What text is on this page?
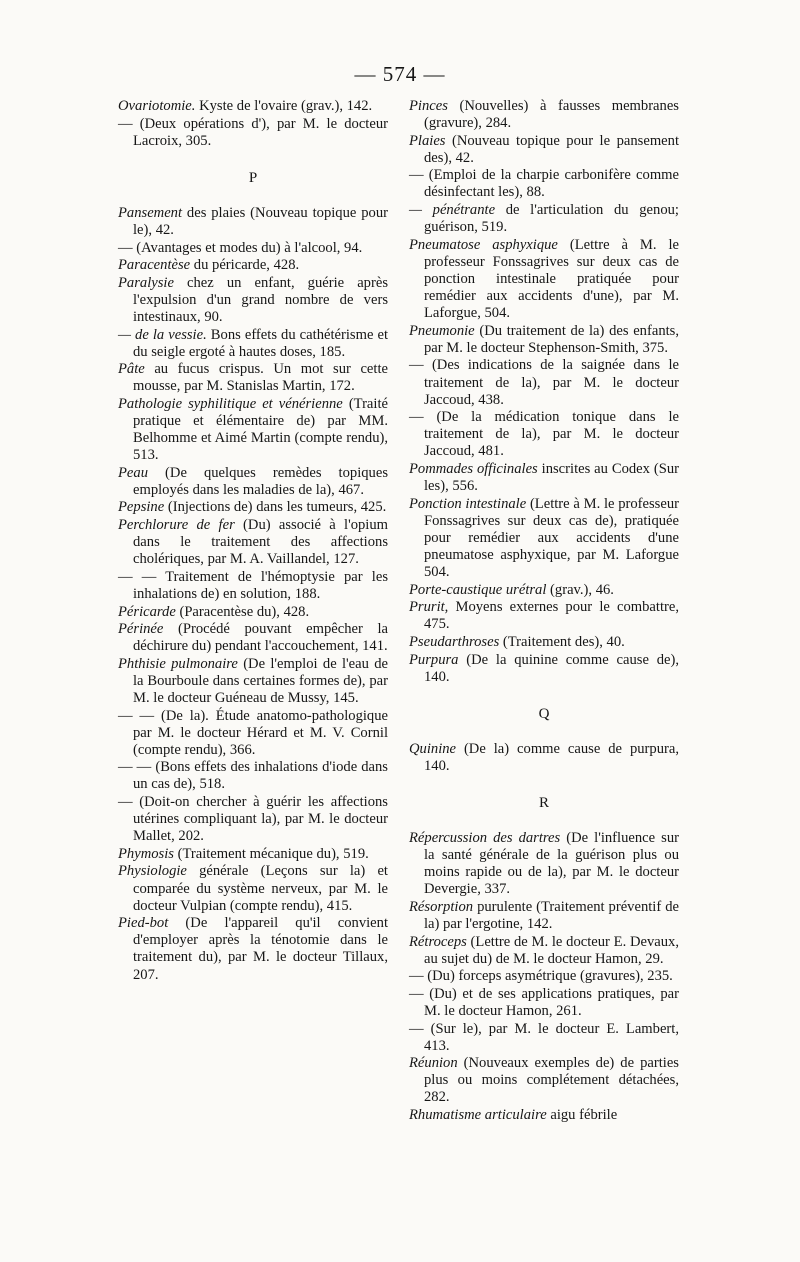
— 574 —

Ovariotomie. Kyste de l'ovaire (grav.), 142.

— (Deux opérations d'), par M. le docteur Lacroix, 305.

P

Pansement des plaies (Nouveau topique pour le), 42.

— (Avantages et modes du) à l'alcool, 94.

Paracentèse du péricarde, 428.

Paralysie chez un enfant, guérie après l'expulsion d'un grand nombre de vers intestinaux, 90.

— de la vessie. Bons effets du cathétérisme et du seigle ergoté à hautes doses, 185.

Pâte au fucus crispus. Un mot sur cette mousse, par M. Stanislas Martin, 172.

Pathologie syphilitique et vénérienne (Traité pratique et élémentaire de) par MM. Belhomme et Aimé Martin (compte rendu), 513.

Peau (De quelques remèdes topiques employés dans les maladies de la), 467.

Pepsine (Injections de) dans les tumeurs, 425.

Perchlorure de fer (Du) associé à l'opium dans le traitement des affections cholériques, par M. A. Vaillandel, 127.

— — Traitement de l'hémoptysie par les inhalations de) en solution, 188.

Péricarde (Paracentèse du), 428.

Périnée (Procédé pouvant empêcher la déchirure du) pendant l'accouchement, 141.

Phthisie pulmonaire (De l'emploi de l'eau de la Bourboule dans certaines formes de), par M. le docteur Guéneau de Mussy, 145.

— — (De la). Étude anatomo-pathologique par M. le docteur Hérard et M. V. Cornil (compte rendu), 366.

— — (Bons effets des inhalations d'iode dans un cas de), 518.

— (Doit-on chercher à guérir les affections utérines compliquant la), par M. le docteur Mallet, 202.

Phymosis (Traitement mécanique du), 519.

Physiologie générale (Leçons sur la) et comparée du système nerveux, par M. le docteur Vulpian (compte rendu), 415.

Pied-bot (De l'appareil qu'il convient d'employer après la ténotomie dans le traitement du), par M. le docteur Tillaux, 207.

Pinces (Nouvelles) à fausses membranes (gravure), 284.

Plaies (Nouveau topique pour le pansement des), 42.

— (Emploi de la charpie carbonifère comme désinfectant les), 88.

— pénétrante de l'articulation du genou; guérison, 519.

Pneumatose asphyxique (Lettre à M. le professeur Fonssagrives sur deux cas de ponction intestinale pratiquée pour remédier aux accidents d'une), par M. Laforgue, 504.

Pneumonie (Du traitement de la) des enfants, par M. le docteur Stephenson-Smith, 375.

— (Des indications de la saignée dans le traitement de la), par M. le docteur Jaccoud, 438.

— (De la médication tonique dans le traitement de la), par M. le docteur Jaccoud, 481.

Pommades officinales inscrites au Codex (Sur les), 556.

Ponction intestinale (Lettre à M. le professeur Fonssagrives sur deux cas de), pratiquée pour remédier aux accidents d'une pneumatose asphyxique, par M. Laforgue 504.

Porte-caustique urétral (grav.), 46.

Prurit, Moyens externes pour le combattre, 475.

Pseudarthroses (Traitement des), 40.

Purpura (De la quinine comme cause de), 140.

Q

Quinine (De la) comme cause de purpura, 140.

R

Répercussion des dartres (De l'influence sur la santé générale de la guérison plus ou moins rapide ou de la), par M. le docteur Devergie, 337.

Résorption purulente (Traitement préventif de la) par l'ergotine, 142.

Rétroceps (Lettre de M. le docteur E. Devaux, au sujet du) de M. le docteur Hamon, 29.

— (Du) forceps asymétrique (gravures), 235.

— (Du) et de ses applications pratiques, par M. le docteur Hamon, 261.

— (Sur le), par M. le docteur E. Lambert, 413.

Réunion (Nouveaux exemples de) de parties plus ou moins complétement détachées, 282.

Rhumatisme articulaire aigu fébrile
